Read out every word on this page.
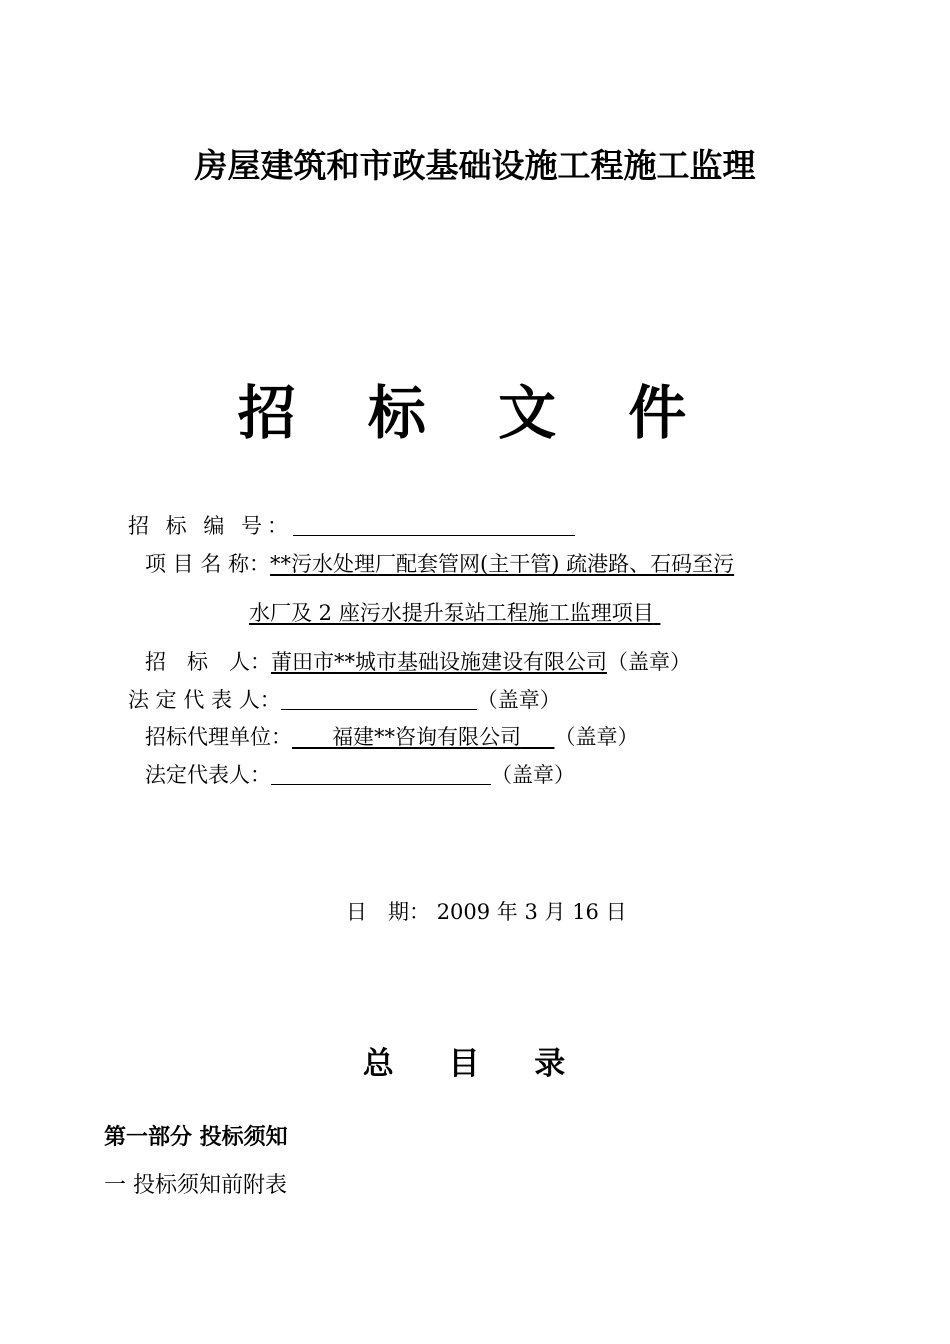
房屋建筑和市政基础设施工程施工监理
招 标 文 件
招 标 编 号：
项 目 名 称：**污水处理厂配套管网(主干管) 疏港路、石码至污
水厂及 2 座污水提升泵站工程施工监理项目
招　标　人：莆田市**城市基础设施建设有限公司（盖章）
法 定 代 表 人：	（盖章）
招标代理单位： 福建**咨询有限公司 （盖章）
法定代表人：	（盖章）
日　期： 2009 年 3 月 16 日
总 目 录
第一部分 投标须知
一 投标须知前附表
